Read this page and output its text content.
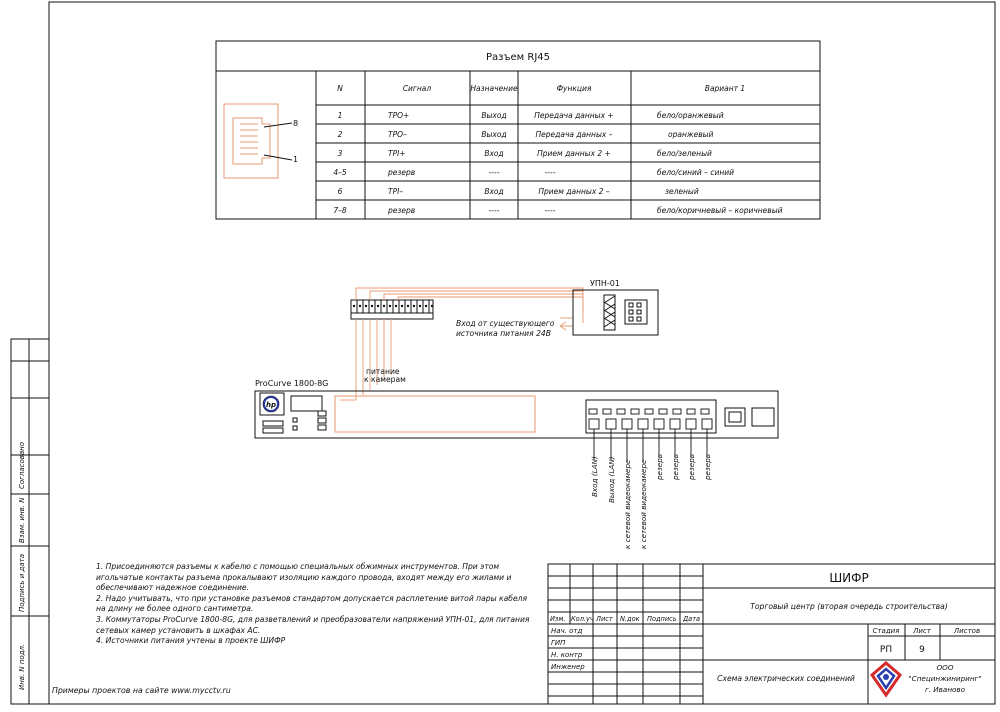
Разъем RJ45
N	Сигнал	Назначение	Функция	Вариант 1
1	TPO+	Выход	Передача данных +	бело/оранжевый
2	TPO–	Выход	Передача данных –	оранжевый
3	TPI+	Вход	Прием данных 2 +	бело/зеленый
4–5	резерв	----	----	бело/синий – синий
6	TPI–	Вход	Прием данных 2 –	зеленый
7–8	резерв	----	----	бело/коричневый – коричневый
8
1
УПН-01
Вход от существующего
источника питания 24В
питание
к камерам
ProCurve 1800-8G
hp
Вход (LAN) Выход (LAN) к сетевой видеокамере к сетевой видеокамере резерв резерв резерв резерв
Согласовано
Взам. инв. N
Подпись и дата
Инв. N подл.
ШИФР
Торговый центр (вторая очередь строительства)
Схема электрических соединений
Изм. Кол.уч Лист N.док Подпись Дата
Нач. отд
ГИП
Н. контр
Инженер
Стадия Лист	Листов
РП	9
ООО
"Специнжиниринг"
г. Иваново

1. Присоединяются разъемы к кабелю с помощью специальных обжимных инструментов. При этом игольчатые контакты разъема прокалывают изоляцию каждого провода, входят между его жилами и обеспечивают надежное соединение.

2. Надо учитывать, что при установке разъемов стандартом допускается расплетение витой пары кабеля на длину не более одного сантиметра.

3. Коммутаторы ProCurve 1800-8G, для разветвлений и преобразователи напряжений УПН-01, для питания сетевых камер установить в шкафах АС.

4. Источники питания учтены в проекте ШИФР

Примеры проектов на сайте www.mycctv.ru
